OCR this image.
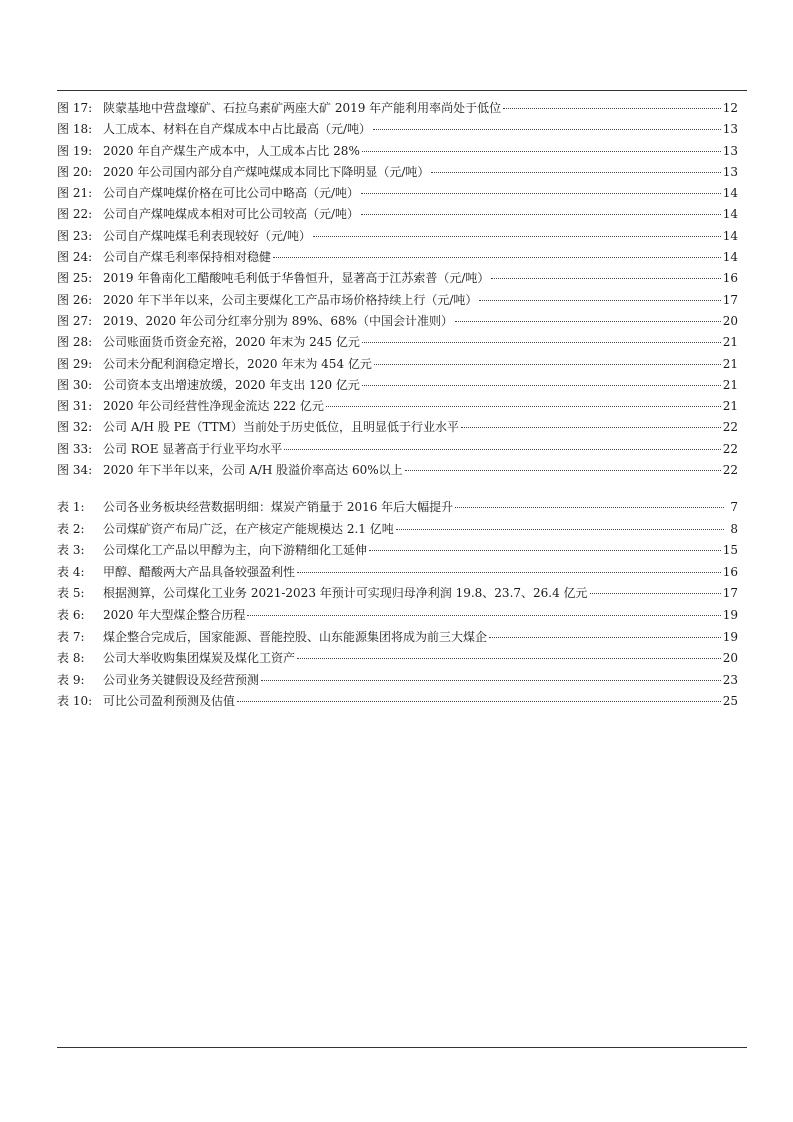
图 17: 陕蒙基地中营盘壕矿、石拉乌素矿两座大矿 2019 年产能利用率尚处于低位	12
图 18: 人工成本、材料在自产煤成本中占比最高（元/吨）	13
图 19: 2020 年自产煤生产成本中，人工成本占比 28%	13
图 20: 2020 年公司国内部分自产煤吨煤成本同比下降明显（元/吨）	13
图 21: 公司自产煤吨煤价格在可比公司中略高（元/吨）	14
图 22: 公司自产煤吨煤成本相对可比公司较高（元/吨）	14
图 23: 公司自产煤吨煤毛利表现较好（元/吨）	14
图 24: 公司自产煤毛利率保持相对稳健	14
图 25: 2019 年鲁南化工醋酸吨毛利低于华鲁恒升，显著高于江苏索普（元/吨）	16
图 26: 2020 年下半年以来，公司主要煤化工产品市场价格持续上行（元/吨）	17
图 27: 2019、2020 年公司分红率分别为 89%、68%（中国会计准则）	20
图 28: 公司账面货币资金充裕，2020 年末为 245 亿元	21
图 29: 公司未分配利润稳定增长，2020 年末为 454 亿元	21
图 30: 公司资本支出增速放缓，2020 年支出 120 亿元	21
图 31: 2020 年公司经营性净现金流达 222 亿元	21
图 32: 公司 A/H 股 PE（TTM）当前处于历史低位，且明显低于行业水平	22
图 33: 公司 ROE 显著高于行业平均水平	22
图 34: 2020 年下半年以来，公司 A/H 股溢价率高达 60%以上	22
表 1:	公司各业务板块经营数据明细：煤炭产销量于 2016 年后大幅提升	7
表 2:	公司煤矿资产布局广泛，在产核定产能规模达 2.1 亿吨	8
表 3:	公司煤化工产品以甲醇为主，向下游精细化工延伸	15
表 4:	甲醇、醋酸两大产品具备较强盈利性	16
表 5:	根据测算，公司煤化工业务 2021-2023 年预计可实现归母净利润 19.8、23.7、26.4 亿元	17
表 6:	2020 年大型煤企整合历程	19
表 7:	煤企整合完成后，国家能源、晋能控股、山东能源集团将成为前三大煤企	19
表 8:	公司大举收购集团煤炭及煤化工资产	20
表 9:	公司业务关键假设及经营预测	23
表 10: 可比公司盈利预测及估值	25
